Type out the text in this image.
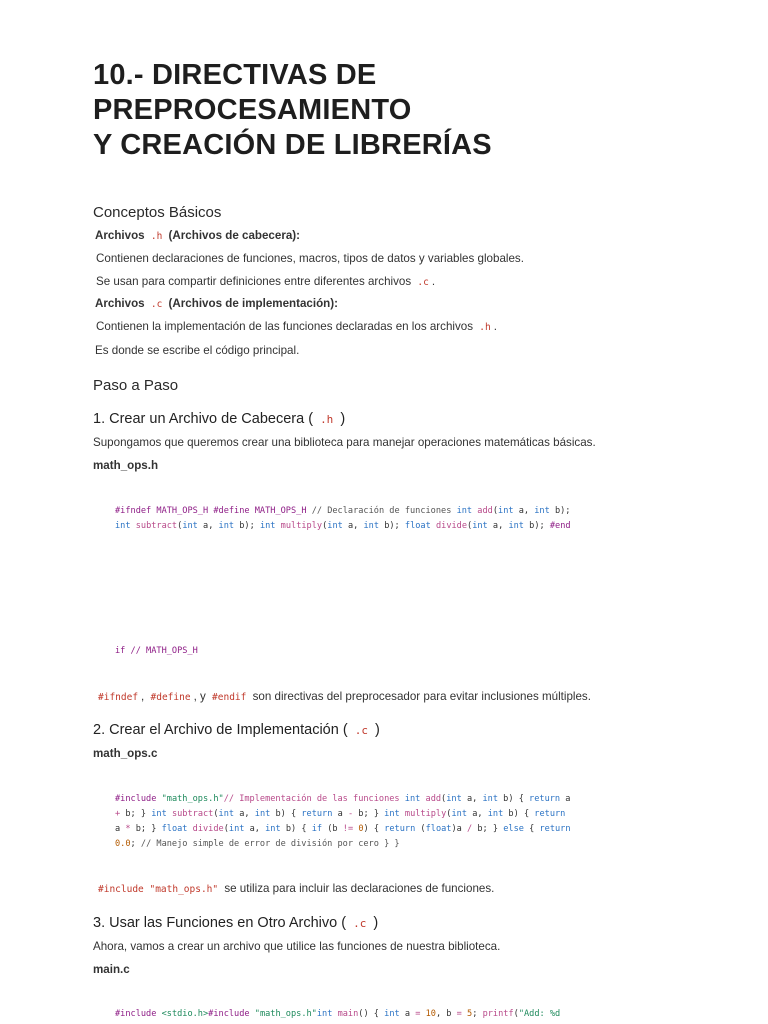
10.- DIRECTIVAS DE
PREPROCESAMIENTO
Y CREACIÓN DE LIBRERÍAS
Conceptos Básicos
Archivos .h (Archivos de cabecera):
Contienen declaraciones de funciones, macros, tipos de datos y variables globales.
Se usan para compartir definiciones entre diferentes archivos .c .
Archivos .c (Archivos de implementación):
Contienen la implementación de las funciones declaradas en los archivos .h .
Es donde se escribe el código principal.
Paso a Paso
1. Crear un Archivo de Cabecera ( .h )
Supongamos que queremos crear una biblioteca para manejar operaciones matemáticas básicas.
math_ops.h
#ifndef MATH_OPS_H #define MATH_OPS_H // Declaración de funciones int add(int a, int b);
int subtract(int a, int b); int multiply(int a, int b); float divide(int a, int b); #end
if // MATH_OPS_H
#ifndef , #define , y #endif son directivas del preprocesador para evitar inclusiones múltiples.
2. Crear el Archivo de Implementación ( .c )
math_ops.c
#include "math_ops.h"// Implementación de las funciones int add(int a, int b) { return a
+ b; } int subtract(int a, int b) { return a - b; } int multiply(int a, int b) { return
a * b; } float divide(int a, int b) { if (b != 0) { return (float)a / b; } else { return
0.0; // Manejo simple de error de división por cero } }
#include "math_ops.h" se utiliza para incluir las declaraciones de funciones.
3. Usar las Funciones en Otro Archivo ( .c )
Ahora, vamos a crear un archivo que utilice las funciones de nuestra biblioteca.
main.c
#include <stdio.h>#include "math_ops.h"int main() { int a = 10, b = 5; printf("Add: %d
